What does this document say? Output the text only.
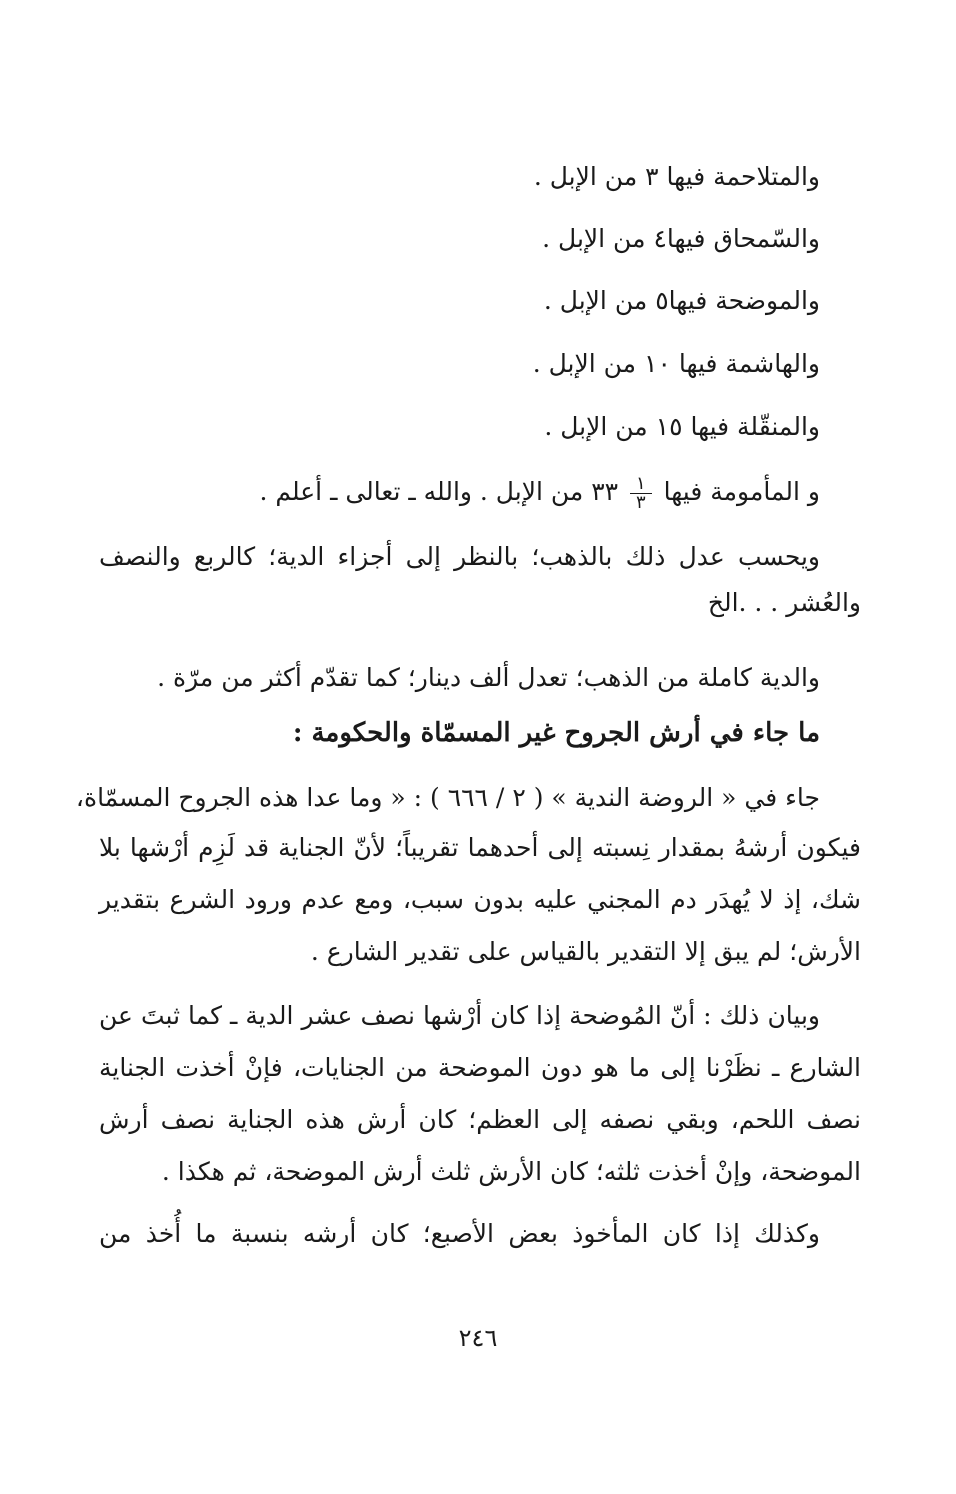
والمتلاحمة فيها ٣ من الإبل .
والسّمحاق فيها٤ من الإبل .
والموضحة فيها٥ من الإبل .
والهاشمة فيها ١٠ من الإبل .
والمنقّلة فيها ١٥ من الإبل .
و المأمومة فيها
$\frac{١}{٣}$
٣٣ من الإبل . والله ـ تعالى ـ أعلم .
ويحسب عدل ذلك بالذهب؛ بالنظر إلى أجزاء الدية؛ كالربع والنصف
والعُشر . . .الخ
والدية كاملة من الذهب؛ تعدل ألف دينار؛ كما تقدّم أكثر من مرّة .
ما جاء في أرش الجروح غير المسمّاة والحكومة :
جاء في « الروضة الندية » ( ٢ / ٦٦٦ ) : « وما عدا هذه الجروح المسمّاة،
فيكون أرشهُ بمقدار نِسبته إلى أحدهما تقريباً؛ لأنّ الجناية قد لَزِم أرْشها بلا
شك، إذ لا يُهدَر دم المجني عليه بدون سبب، ومع عدم ورود الشرع بتقدير
الأرش؛ لم يبق إلا التقدير بالقياس على تقدير الشارع .
وبيان ذلك : أنّ المُوضحة إذا كان أرْشها نصف عشر الدية ـ كما ثبتَ عن
الشارع ـ نظَرْنا إلى ما هو دون الموضحة من الجنايات، فإنْ أخذت الجناية
نصف اللحم، وبقي نصفه إلى العظم؛ كان أرش هذه الجناية نصف أرش
الموضحة، وإنْ أخذت ثلثه؛ كان الأرش ثلث أرش الموضحة، ثم هكذا .
وكذلك إذا كان المأخوذ بعض الأصبع؛ كان أرشه بنسبة ما أُخذ من
٢٤٦
